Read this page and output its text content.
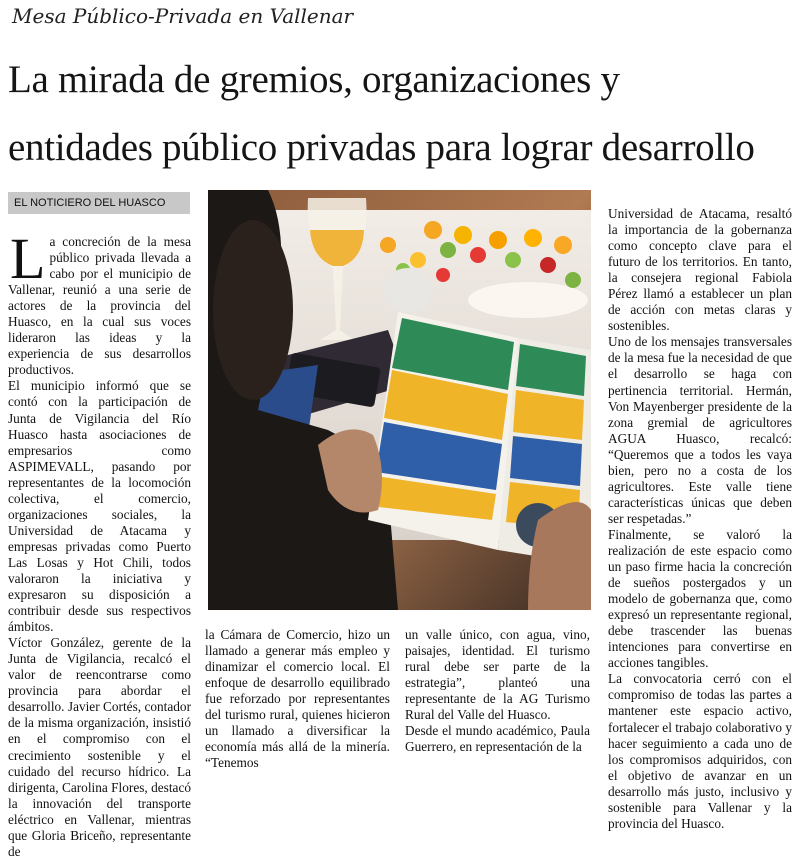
Mesa Público-Privada en Vallenar
La mirada de gremios, organizaciones y
entidades público privadas para lograr desarrollo
EL NOTICIERO DEL HUASCO

La concreción de la mesa público privada llevada a cabo por el municipio de Vallenar, reunió a una serie de actores de la provincia del Huasco, en la cual sus voces lideraron las ideas y la experiencia de sus desarrollos productivos.

El municipio informó que se contó con la participación de Junta de Vigilancia del Río Huasco hasta asociaciones de empresarios como ASPIMEVALL, pasando por representantes de la locomoción colectiva, el comercio, organizaciones sociales, la Universidad de Atacama y empresas privadas como Puerto Las Losas y Hot Chili, todos valoraron la iniciativa y expresaron su disposición a contribuir desde sus respectivos ámbitos.

Víctor González, gerente de la Junta de Vigilancia, recalcó el valor de reencontrarse como provincia para abordar el desarrollo. Javier Cortés, contador de la misma organización, insistió en el compromiso con el crecimiento sostenible y el cuidado del recurso hídrico. La dirigenta, Carolina Flores, destacó la innovación del transporte eléctrico en Vallenar, mientras que Gloria Briceño, representante de

la Cámara de Comercio, hizo un llamado a generar más empleo y dinamizar el comercio local. El enfoque de desarrollo equilibrado fue reforzado por representantes del turismo rural, quienes hicieron un llamado a diversificar la economía más allá de la minería. “Tenemos

un valle único, con agua, vino, paisajes, identidad. El turismo rural debe ser parte de la estrategia”, planteó una representante de la AG Turismo Rural del Valle del Huasco.

Desde el mundo académico, Paula Guerrero, en representación de la

Universidad de Atacama, resaltó la importancia de la gobernanza como concepto clave para el futuro de los territorios. En tanto, la consejera regional Fabiola Pérez llamó a establecer un plan de acción con metas claras y sostenibles.

Uno de los mensajes transversales de la mesa fue la necesidad de que el desarrollo se haga con pertinencia territorial. Hermán, Von Mayenberger presidente de la zona gremial de agricultores AGUA Huasco, recalcó: “Queremos que a todos les vaya bien, pero no a costa de los agricultores. Este valle tiene características únicas que deben ser respetadas.”

Finalmente, se valoró la realización de este espacio como un paso firme hacia la concreción de sueños postergados y un modelo de gobernanza que, como expresó un representante regional, debe trascender las buenas intenciones para convertirse en acciones tangibles.

La convocatoria cerró con el compromiso de todas las partes a mantener este espacio activo, fortalecer el trabajo colaborativo y hacer seguimiento a cada uno de los compromisos adquiridos, con el objetivo de avanzar en un desarrollo más justo, inclusivo y sostenible para Vallenar y la provincia del Huasco.
